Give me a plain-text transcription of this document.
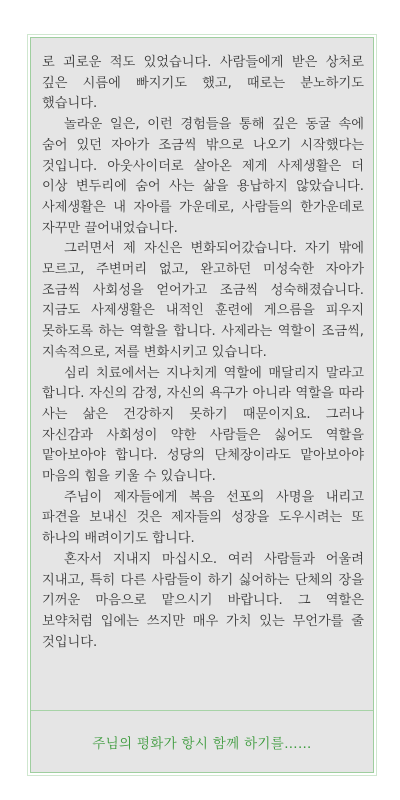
로 괴로운 적도 있었습니다. 사람들에게 받은 상처로 깊은 시름에 빠지기도 했고, 때로는 분노하기도 했습니다.

놀라운 일은, 이런 경험들을 통해 깊은 동굴 속에 숨어 있던 자아가 조금씩 밖으로 나오기 시작했다는 것입니다. 아웃사이더로 살아온 제게 사제생활은 더 이상 변두리에 숨어 사는 삶을 용납하지 않았습니다. 사제생활은 내 자아를 가운데로, 사람들의 한가운데로 자꾸만 끌어내었습니다.

그러면서 제 자신은 변화되어갔습니다. 자기 밖에 모르고, 주변머리 없고, 완고하던 미성숙한 자아가 조금씩 사회성을 얻어가고 조금씩 성숙해졌습니다. 지금도 사제생활은 내적인 훈련에 게으름을 피우지 못하도록 하는 역할을 합니다. 사제라는 역할이 조금씩, 지속적으로, 저를 변화시키고 있습니다.

심리 치료에서는 지나치게 역할에 매달리지 말라고 합니다. 자신의 감정, 자신의 욕구가 아니라 역할을 따라 사는 삶은 건강하지 못하기 때문이지요. 그러나 자신감과 사회성이 약한 사람들은 싫어도 역할을 맡아보아야 합니다. 성당의 단체장이라도 맡아보아야 마음의 힘을 키울 수 있습니다.

주님이 제자들에게 복음 선포의 사명을 내리고 파견을 보내신 것은 제자들의 성장을 도우시려는 또 하나의 배려이기도 합니다.

혼자서 지내지 마십시오. 여러 사람들과 어울려 지내고, 특히 다른 사람들이 하기 싫어하는 단체의 장을 기꺼운 마음으로 맡으시기 바랍니다. 그 역할은 보약처럼 입에는 쓰지만 매우 가치 있는 무언가를 줄 것입니다.

주님의 평화가 항시 함께 하기를……
